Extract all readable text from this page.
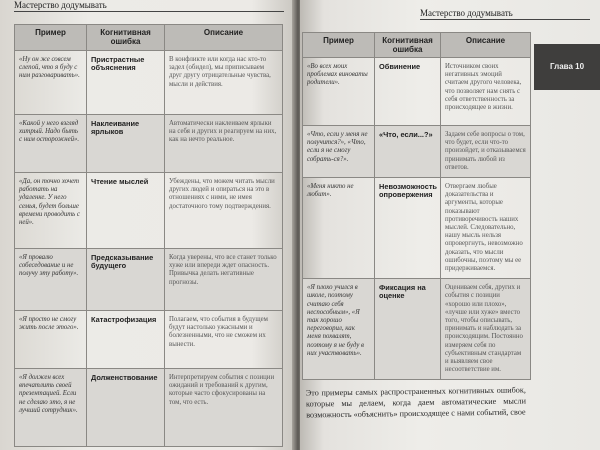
Мастерство додумывать
Пример	Когнитивная ошибка	Описание
«Ну он же совсем слепой, что я буду с ним разговаривать».	Пристрастные объяснения	В конфликте или когда нас кто-то задел (обидел), мы приписываем друг другу отрицательные чувства, мысли и действия.
«Какой у него взгляд хитрый. Надо быть с ним осторожней».	Наклеивание ярлыков	Автоматически наклеиваем ярлыки на себя и других и реагируем на них, как на нечто реальное.
«Да, он точно хочет работать на удаленке. У него семья, будет больше времени проводить с ней».	Чтение мыслей	Убеждены, что можем читать мысли других людей и опираться на это в отношениях с ними, не имея достаточного тому подтверждения.
«Я провалю собеседование и не получу эту работу».	Предсказывание будущего	Когда уверены, что все станет только хуже или впереди ждет опасность. Привычка делать негативные прогнозы.
«Я просто не смогу жить после этого».	Катастрофизация	Полагаем, что события в будущем будут настолько ужасными и болезненными, что не сможем их вынести.
«Я должен всех впечатлить своей презентацией. Если не сделаю это, я не лучший сотрудник».	Долженствование	Интерпретируем события с позиции ожиданий и требований к другим, которые часто сфокусированы на том, что есть.
Мастерство додумывать
Пример	Когнитивная ошибка	Описание
«Во всех моих проблемах виноваты родители».	Обвинение	Источником своих негативных эмоций считаем другого человека, что позволяет нам снять с себя ответственность за происходящее в жизни.
«Что, если у меня не получится?», «Что, если я не смогу собрать-ся?».	«Что, если...?»	Задаем себе вопросы о том, что будет, если что-то произойдет, и отказываемся принимать любой из ответов.
«Меня никто не любит».	Невозможность опровержения	Отвергаем любые доказательства и аргументы, которые показывают противоречивость наших мыслей. Следовательно, нашу мысль нельзя опровергнуть, невозможно доказать, что мысли ошибочны, поэтому мы ее придерживаемся.
«Я плохо учился в школе, поэтому считаю себя неспособным», «Я так хорошо переговорил, как меня похвалят, поэтому я не буду в них участвовать».	Фиксация на оценке	Оцениваем себя, других и события с позиции «хорошо или плохо», «лучше или хуже» вместо того, чтобы описывать, принимать и наблюдать за происходящим. Постоянно измеряем себя по субъективным стандартам и выявляем свое несоответствие им.
Глава 10
Это примеры самых распространенных когнитивных ошибок, которые мы делаем, когда даем автоматические мысли возможность «объяснить» происходящее с нами событий, свое
